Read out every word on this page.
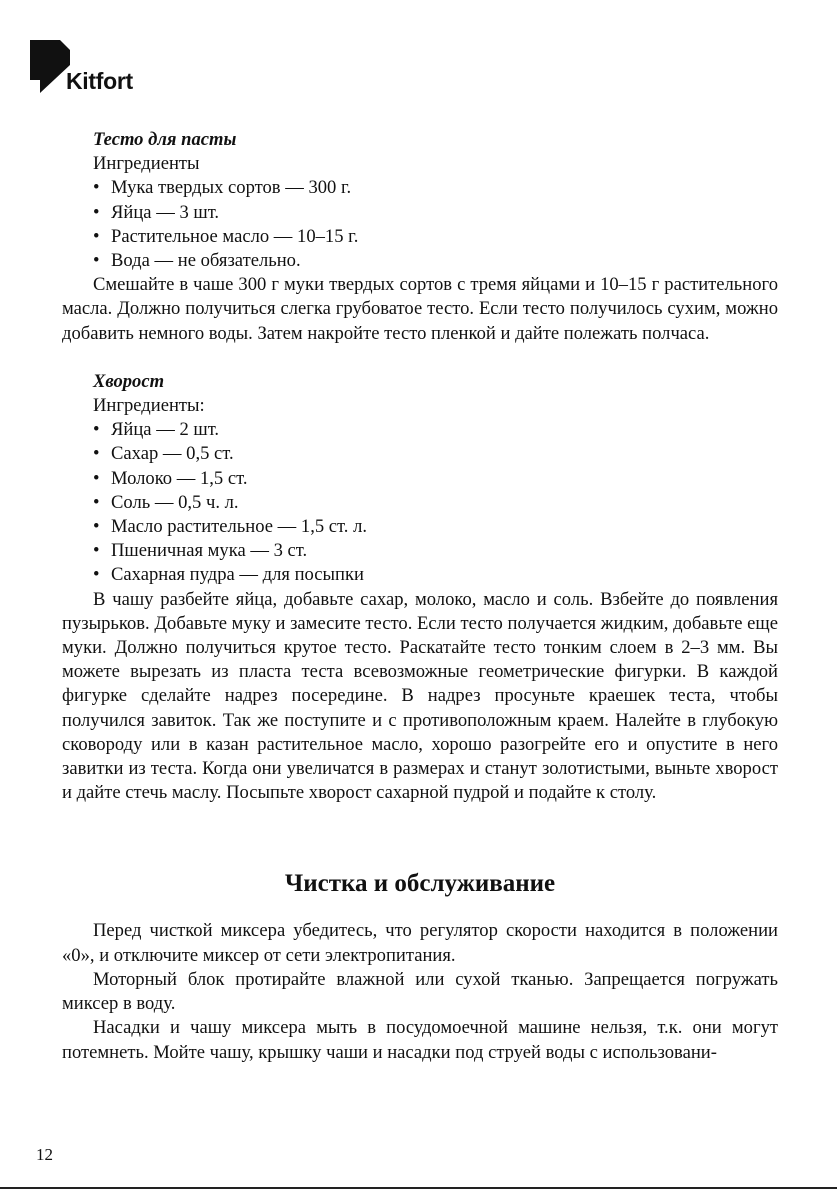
Kitfort

Тесто для пасты

Ингредиенты

• Мука твердых сортов — 300 г.
• Яйца — 3 шт.
• Растительное масло — 10–15 г.
• Вода — не обязательно.

Смешайте в чаше 300 г муки твердых сортов с тремя яйцами и 10–15 г растительного масла. Должно получиться слегка грубоватое тесто. Если тесто получилось сухим, можно добавить немного воды. Затем накройте тесто пленкой и дайте полежать полчаса.

Хворост

Ингредиенты:

• Яйца — 2 шт.
• Сахар — 0,5 ст.
• Молоко — 1,5 ст.
• Соль — 0,5 ч. л.
• Масло растительное — 1,5 ст. л.
• Пшеничная мука — 3 ст.
• Сахарная пудра — для посыпки

В чашу разбейте яйца, добавьте сахар, молоко, масло и соль. Взбейте до появления пузырьков. Добавьте муку и замесите тесто. Если тесто получается жидким, добавьте еще муки. Должно получиться крутое тесто. Раскатайте тесто тонким слоем в 2–3 мм. Вы можете вырезать из пласта теста всевозможные геометрические фигурки. В каждой фигурке сделайте надрез посередине. В надрез просуньте краешек теста, чтобы получился завиток. Так же поступите и с противоположным краем. Налейте в глубокую сковороду или в казан растительное масло, хорошо разогрейте его и опустите в него завитки из теста. Когда они увеличатся в размерах и станут золотистыми, выньте хворост и дайте стечь маслу. Посыпьте хворост сахарной пудрой и подайте к столу.

Чистка и обслуживание

Перед чисткой миксера убедитесь, что регулятор скорости находится в положении «0», и отключите миксер от сети электропитания.

Моторный блок протирайте влажной или сухой тканью. Запрещается погружать миксер в воду.

Насадки и чашу миксера мыть в посудомоечной машине нельзя, т.к. они могут потемнеть. Мойте чашу, крышку чаши и насадки под струей воды с использовани-

12
